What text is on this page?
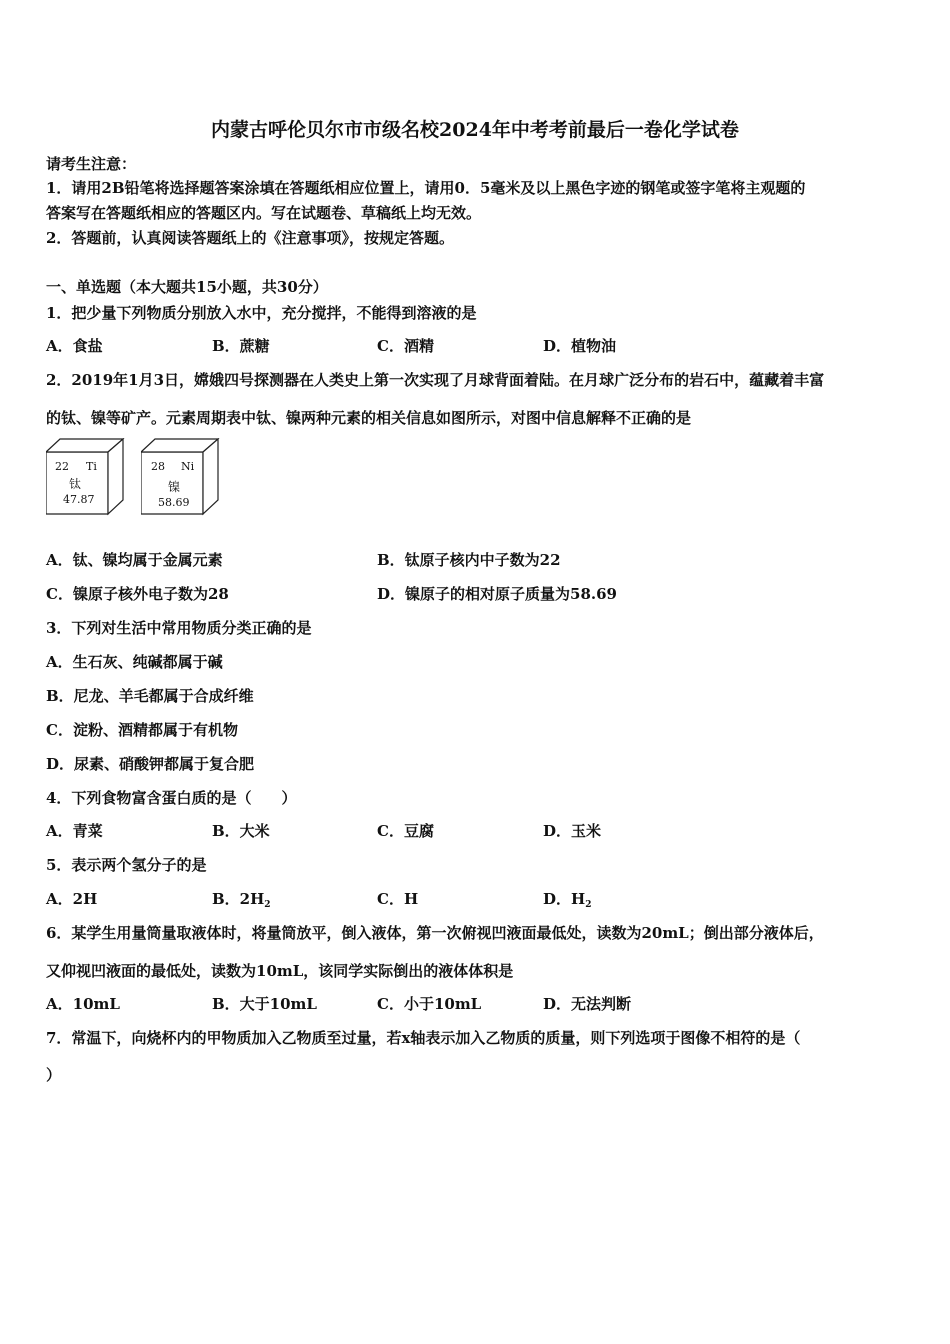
内蒙古呼伦贝尔市市级名校2024年中考考前最后一卷化学试卷
请考生注意：
1．请用2B铅笔将选择题答案涂填在答题纸相应位置上，请用0．5毫米及以上黑色字迹的钢笔或签字笔将主观题的
答案写在答题纸相应的答题区内。写在试题卷、草稿纸上均无效。
2．答题前，认真阅读答题纸上的《注意事项》，按规定答题。
一、单选题（本大题共15小题，共30分）
1．把少量下列物质分别放入水中，充分搅拌，不能得到溶液的是
A．食盐	B．蔗糖	C．酒精	D．植物油
2．2019年1月3日，嫦娥四号探测器在人类史上第一次实现了月球背面着陆。在月球广泛分布的岩石中，蕴藏着丰富
的钛、镍等矿产。元素周期表中钛、镍两种元素的相关信息如图所示，对图中信息解释不正确的是
22 Ti
钛
47.87
28 Ni
镍
58.69
A．钛、镍均属于金属元素	B．钛原子核内中子数为22
C．镍原子核外电子数为28	D．镍原子的相对原子质量为58.69
3．下列对生活中常用物质分类正确的是
A．生石灰、纯碱都属于碱
B．尼龙、羊毛都属于合成纤维
C．淀粉、酒精都属于有机物
D．尿素、硝酸钾都属于复合肥
4．下列食物富含蛋白质的是（　　）
A．青菜	B．大米	C．豆腐	D．玉米
5．表示两个氢分子的是
A．2H	B．$2H_2$	C．H	D．$H_2$
6．某学生用量筒量取液体时，将量筒放平，倒入液体，第一次俯视凹液面最低处，读数为20mL；倒出部分液体后，
又仰视凹液面的最低处，读数为10mL，该同学实际倒出的液体体积是
A．10mL	B．大于10mL	C．小于10mL	D．无法判断
7．常温下，向烧杯内的甲物质加入乙物质至过量，若x轴表示加入乙物质的质量，则下列选项于图像不相符的是（
）
